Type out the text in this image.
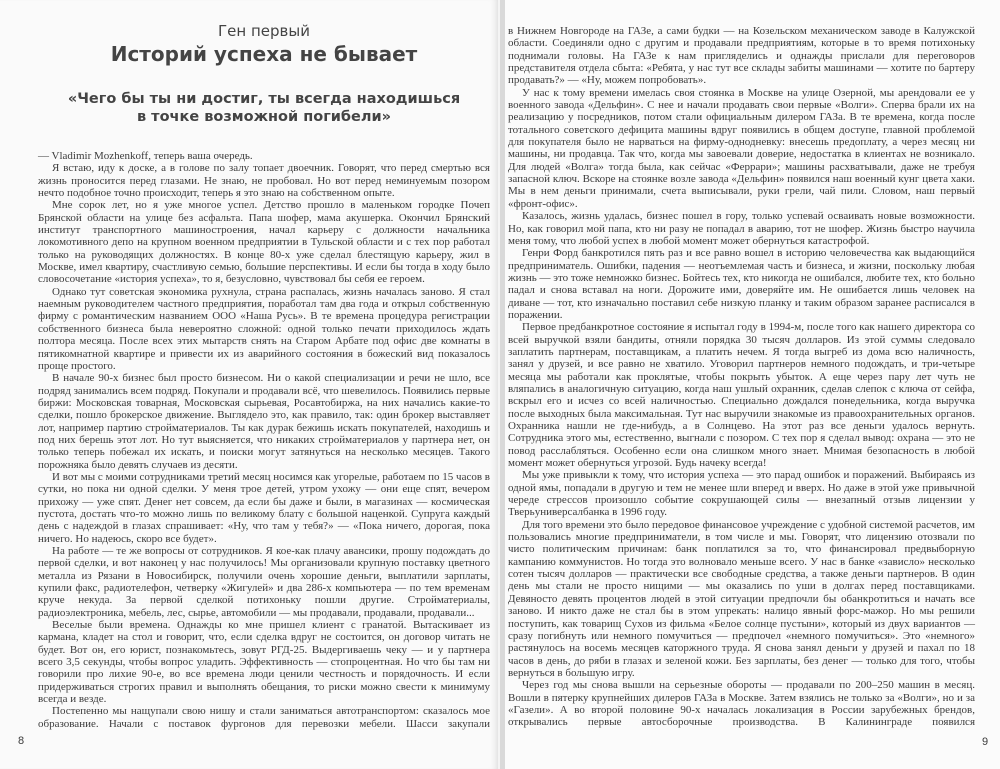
Ген первый
Историй успеха не бывает
«Чего бы ты ни достиг, ты всегда находишься
в точке возможной погибели»

— Vladimir Mozhenkoff, теперь ваша очередь.

Я встаю, иду к доске, а в голове по залу топает двоечник. Говорят, что перед смертью вся жизнь проносится перед глазами. Не знаю, не пробовал. Но вот перед неминуемым позором нечто подобное точно происходит, теперь я это знаю на собственном опыте.

Мне сорок лет, но я уже многое успел. Детство прошло в маленьком городке Почеп Брянской области на улице без асфальта. Папа шофер, мама акушерка. Окончил Брянский институт транспортного машиностроения, начал карьеру с должности начальника локомотивного депо на крупном военном предприятии в Тульской области и с тех пор работал только на руководящих должностях. В конце 80-х уже сделал блестящую карьеру, жил в Москве, имел квартиру, счастливую семью, большие перспективы. И если бы тогда в ходу было словосочетание «история успеха», то я, безусловно, чувствовал бы себя ее героем.

Однако тут советская экономика рухнула, страна распалась, жизнь началась заново. Я стал наемным руководителем частного предприятия, поработал там два года и открыл собственную фирму с романтическим названием ООО «Наша Русь». В те времена процедура регистрации собственного бизнеса была невероятно сложной: одной только печати приходилось ждать полтора месяца. После всех этих мытарств снять на Старом Арбате под офис две комнаты в пятикомнатной квартире и привести их из аварийного состояния в божеский вид показалось проще простого.

В начале 90-х бизнес был просто бизнесом. Ни о какой специализации и речи не шло, все подряд занимались всем подряд. Покупали и продавали всё, что шевелилось. Появились первые биржи: Московская товарная, Московская сырьевая, Росавтобиржа, на них начались какие-то сделки, пошло брокерское движение. Выглядело это, как правило, так: один брокер выставляет лот, например партию стройматериалов. Ты как дурак бежишь искать покупателей, находишь и под них берешь этот лот. Но тут выясняется, что никаких стройматериалов у партнера нет, он только теперь побежал их искать, и поиски могут затянуться на несколько месяцев. Такого порожняка было девять случаев из десяти.

И вот мы с моими сотрудниками третий месяц носимся как угорелые, работаем по 15 часов в сутки, но пока ни одной сделки. У меня трое детей, утром ухожу — они еще спят, вечером прихожу — уже спят. Денег нет совсем, да если бы даже и были, в магазинах — космическая пустота, достать что-то можно лишь по великому блату с большой наценкой. Супруга каждый день с надеждой в глазах спрашивает: «Ну, что там у тебя?» — «Пока ничего, дорогая, пока ничего. Но надеюсь, скоро все будет».

На работе — те же вопросы от сотрудников. Я кое-как плачу авансики, прошу подождать до первой сделки, и вот наконец у нас получилось! Мы организовали крупную поставку цветного металла из Рязани в Новосибирск, получили очень хорошие деньги, выплатили зарплаты, купили факс, радиотелефон, четверку «Жигулей» и два 286-х компьютера — по тем временам круче некуда. За первой сделкой потихоньку пошли другие. Стройматериалы, радиоэлектроника, мебель, лес, сырье, автомобили — мы продавали, продавали, продавали...

Веселые были времена. Однажды ко мне пришел клиент с гранатой. Вытаскивает из кармана, кладет на стол и говорит, что, если сделка вдруг не состоится, он договор читать не будет. Вот он, его юрист, познакомьтесь, зовут РГД-25. Выдергиваешь чеку — и у партнера всего 3,5 секунды, чтобы вопрос уладить. Эффективность — стопроцентная. Но что бы там ни говорили про лихие 90-е, во все времена люди ценили честность и порядочность. И если придерживаться строгих правил и выполнять обещания, то риски можно свести к минимуму всегда и везде.

Постепенно мы нащупали свою нишу и стали заниматься автотранспортом: сказалось мое образование. Начали с поставок фургонов для перевозки мебели. Шасси закупали

8

в Нижнем Новгороде на ГАЗе, а сами будки — на Козельском механическом заводе в Калужской области. Соединяли одно с другим и продавали предприятиям, которые в то время потихоньку поднимали головы. На ГАЗе к нам пригляделись и однажды прислали для переговоров представителя отдела сбыта: «Ребята, у нас тут все склады забиты машинами — хотите по бартеру продавать?» — «Ну, можем попробовать».

У нас к тому времени имелась своя стоянка в Москве на улице Озерной, мы арендовали ее у военного завода «Дельфин». С нее и начали продавать свои первые «Волги». Сперва брали их на реализацию у посредников, потом стали официальным дилером ГАЗа. В те времена, когда после тотального советского дефицита машины вдруг появились в общем доступе, главной проблемой для покупателя было не нарваться на фирму-однодневку: внесешь предоплату, а через месяц ни машины, ни продавца. Так что, когда мы завоевали доверие, недостатка в клиентах не возникало. Для людей «Волга» тогда была, как сейчас «Феррари»; машины расхватывали, даже не требуя запасной ключ. Вскоре на стоянке возле завода «Дельфин» появился наш военный кунг цвета хаки. Мы в нем деньги принимали, счета выписывали, руки грели, чай пили. Словом, наш первый «фронт-офис».

Казалось, жизнь удалась, бизнес пошел в гору, только успевай осваивать новые возможности. Но, как говорил мой папа, кто ни разу не попадал в аварию, тот не шофер. Жизнь быстро научила меня тому, что любой успех в любой момент может обернуться катастрофой.

Генри Форд банкротился пять раз и все равно вошел в историю человечества как выдающийся предприниматель. Ошибки, падения — неотъемлемая часть и бизнеса, и жизни, поскольку любая жизнь — это тоже немножко бизнес. Бойтесь тех, кто никогда не ошибался, любите тех, кто больно падал и снова вставал на ноги. Дорожите ими, доверяйте им. Не ошибается лишь человек на диване — тот, кто изначально поставил себе низкую планку и таким образом заранее расписался в поражении.

Первое предбанкротное состояние я испытал году в 1994-м, после того как нашего директора со всей выручкой взяли бандиты, отняли порядка 30 тысяч долларов. Из этой суммы следовало заплатить партнерам, поставщикам, а платить нечем. Я тогда выгреб из дома всю наличность, занял у друзей, и все равно не хватило. Уговорил партнеров немного подождать, и три-четыре месяца мы работали как проклятые, чтобы покрыть убыток. А еще через пару лет чуть не вляпались в аналогичную ситуацию, когда наш ушлый охранник, сделав слепок с ключа от сейфа, вскрыл его и исчез со всей наличностью. Специально дождался понедельника, когда выручка после выходных была максимальная. Тут нас выручили знакомые из правоохранительных органов. Охранника нашли не где-нибудь, а в Солнцево. На этот раз все деньги удалось вернуть. Сотрудника этого мы, естественно, выгнали с позором. С тех пор я сделал вывод: охрана — это не повод расслабляться. Особенно если она слишком много знает. Мнимая безопасность в любой момент может обернуться угрозой. Будь начеку всегда!

Мы уже привыкли к тому, что история успеха — это парад ошибок и поражений. Выбираясь из одной ямы, попадали в другую и тем не менее шли вперед и вверх. Но даже в этой уже привычной череде стрессов произошло событие сокрушающей силы — внезапный отзыв лицензии у Тверьуниверсалбанка в 1996 году.

Для того времени это было передовое финансовое учреждение с удобной системой расчетов, им пользовались многие предприниматели, в том числе и мы. Говорят, что лицензию отозвали по чисто политическим причинам: банк поплатился за то, что финансировал предвыборную кампанию коммунистов. Но тогда это волновало меньше всего. У нас в банке «зависло» несколько сотен тысяч долларов — практически все свободные средства, а также деньги партнеров. В один день мы стали не просто нищими — мы оказались по уши в долгах перед поставщиками. Девяносто девять процентов людей в этой ситуации предпочли бы обанкротиться и начать все заново. И никто даже не стал бы в этом упрекать: налицо явный форс-мажор. Но мы решили поступить, как товарищ Сухов из фильма «Белое солнце пустыни», который из двух вариантов — сразу погибнуть или немного помучиться — предпочел «немного помучиться». Это «немного» растянулось на восемь месяцев каторжного труда. Я снова занял деньги у друзей и пахал по 18 часов в день, до ряби в глазах и зеленой кожи. Без зарплаты, без денег — только для того, чтобы вернуться в большую игру.

Через год мы снова вышли на серьезные обороты — продавали по 200–250 машин в месяц. Вошли в пятерку крупнейших дилеров ГАЗа в Москве. Затем взялись не только за «Волги», но и за «Газели». А во второй половине 90-х началась локализация в России зарубежных брендов, открывались первые автосборочные производства. В Калининграде появился

9
